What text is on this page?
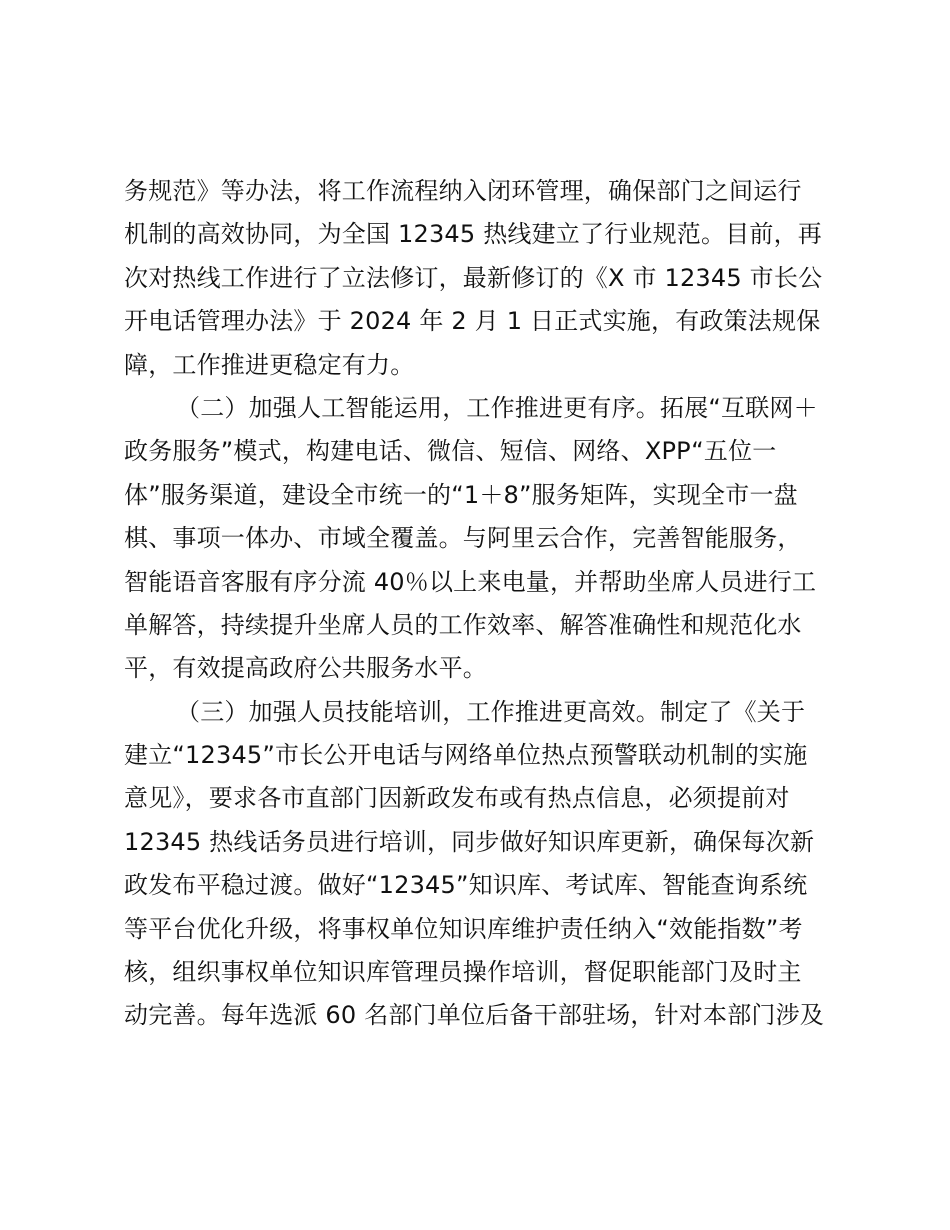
务规范》等办法，将工作流程纳入闭环管理，确保部门之间运行
机制的高效协同，为全国 12345 热线建立了行业规范。目前，再
次对热线工作进行了立法修订，最新修订的《X 市 12345 市长公
开电话管理办法》于 2024 年 2 月 1 日正式实施，有政策法规保
障，工作推进更稳定有力。
（二）加强人工智能运用，工作推进更有序。拓展“互联网＋
政务服务”模式，构建电话、微信、短信、网络、XPP“五位一
体”服务渠道，建设全市统一的“1＋8”服务矩阵，实现全市一盘
棋、事项一体办、市域全覆盖。与阿里云合作，完善智能服务，
智能语音客服有序分流 40％以上来电量，并帮助坐席人员进行工
单解答，持续提升坐席人员的工作效率、解答准确性和规范化水
平，有效提高政府公共服务水平。
（三）加强人员技能培训，工作推进更高效。制定了《关于
建立“12345”市长公开电话与网络单位热点预警联动机制的实施
意见》，要求各市直部门因新政发布或有热点信息，必须提前对
12345 热线话务员进行培训，同步做好知识库更新，确保每次新
政发布平稳过渡。做好“12345”知识库、考试库、智能查询系统
等平台优化升级，将事权单位知识库维护责任纳入“效能指数”考
核，组织事权单位知识库管理员操作培训，督促职能部门及时主
动完善。每年选派 60 名部门单位后备干部驻场，针对本部门涉及
